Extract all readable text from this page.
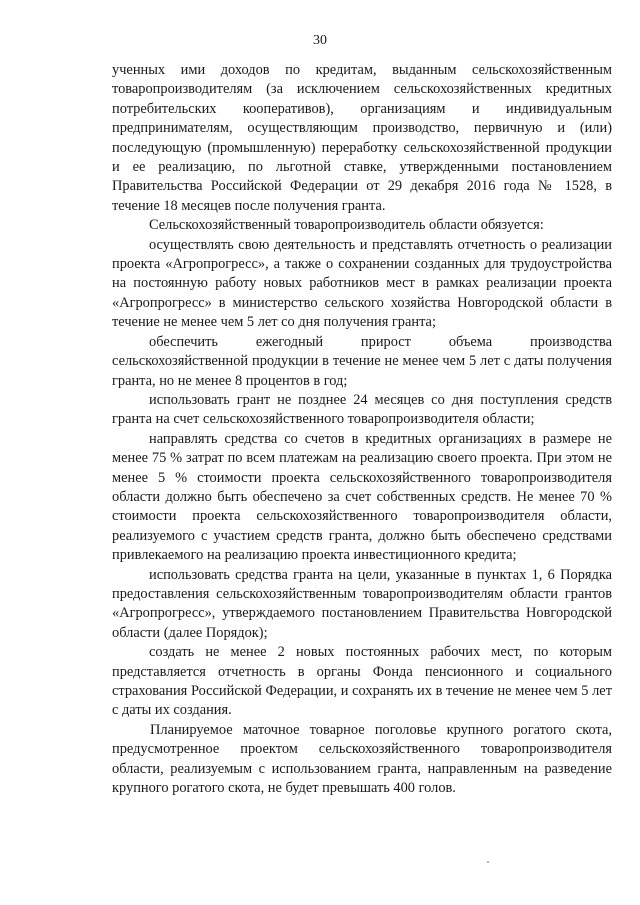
30

ученных ими доходов по кредитам, выданным сельскохозяйственным товаропроизводителям (за исключением сельскохозяйственных кредитных потребительских кооперативов), организациям и индивидуальным предпринимателям, осуществляющим производство, первичную и (или) последующую (промышленную) переработку сельскохозяйственной продукции и ее реализацию, по льготной ставке, утвержденными постановлением Правительства Российской Федерации от 29 декабря 2016 года № 1528, в течение 18 месяцев после получения гранта.

Сельскохозяйственный товаропроизводитель области обязуется:

осуществлять свою деятельность и представлять отчетность о реализации проекта «Агропрогресс», а также о сохранении созданных для трудоустройства на постоянную работу новых работников мест в рамках реализации проекта «Агропрогресс» в министерство сельского хозяйства Новгородской области в течение не менее чем 5 лет со дня получения гранта;

обеспечить ежегодный прирост объема производства сельскохозяйственной продукции в течение не менее чем 5 лет с даты получения гранта, но не менее 8 процентов в год;

использовать грант не позднее 24 месяцев со дня поступления средств гранта на счет сельскохозяйственного товаропроизводителя области;

направлять средства со счетов в кредитных организациях в размере не менее 75 % затрат по всем платежам на реализацию своего проекта. При этом не менее 5 % стоимости проекта сельскохозяйственного товаропроизводителя области должно быть обеспечено за счет собственных средств. Не менее 70 % стоимости проекта сельскохозяйственного товаропроизводителя области, реализуемого с участием средств гранта, должно быть обеспечено средствами привлекаемого на реализацию проекта инвестиционного кредита;

использовать средства гранта на цели, указанные в пунктах 1, 6 Порядка предоставления сельскохозяйственным товаропроизводителям области грантов «Агропрогресс», утверждаемого постановлением Правительства Новгородской области (далее Порядок);

создать не менее 2 новых постоянных рабочих мест, по которым представляется отчетность в органы Фонда пенсионного и социального страхования Российской Федерации, и сохранять их в течение не менее чем 5 лет с даты их создания.

Планируемое маточное товарное поголовье крупного рогатого скота, предусмотренное проектом сельскохозяйственного товаропроизводителя области, реализуемым с использованием гранта, направленным на разведение крупного рогатого скота, не будет превышать 400 голов.
